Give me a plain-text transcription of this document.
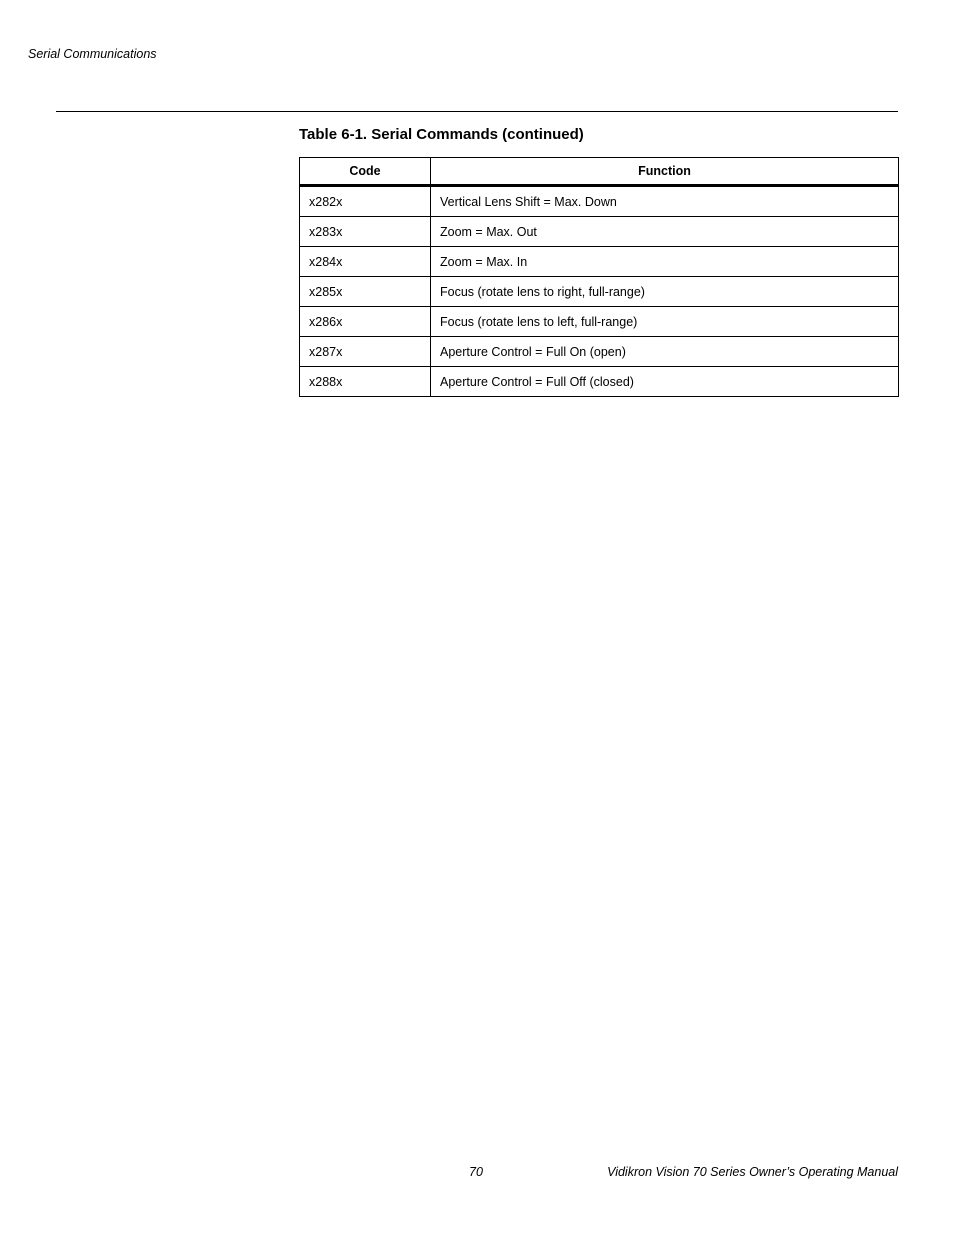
Serial Communications
Table 6-1. Serial Commands (continued)
Code	Function
x282x	Vertical Lens Shift = Max. Down
x283x	Zoom = Max. Out
x284x	Zoom = Max. In
x285x	Focus (rotate lens to right, full-range)
x286x	Focus (rotate lens to left, full-range)
x287x	Aperture Control = Full On (open)
x288x	Aperture Control = Full Off (closed)
70	Vidikron Vision 70 Series Owner’s Operating Manual
